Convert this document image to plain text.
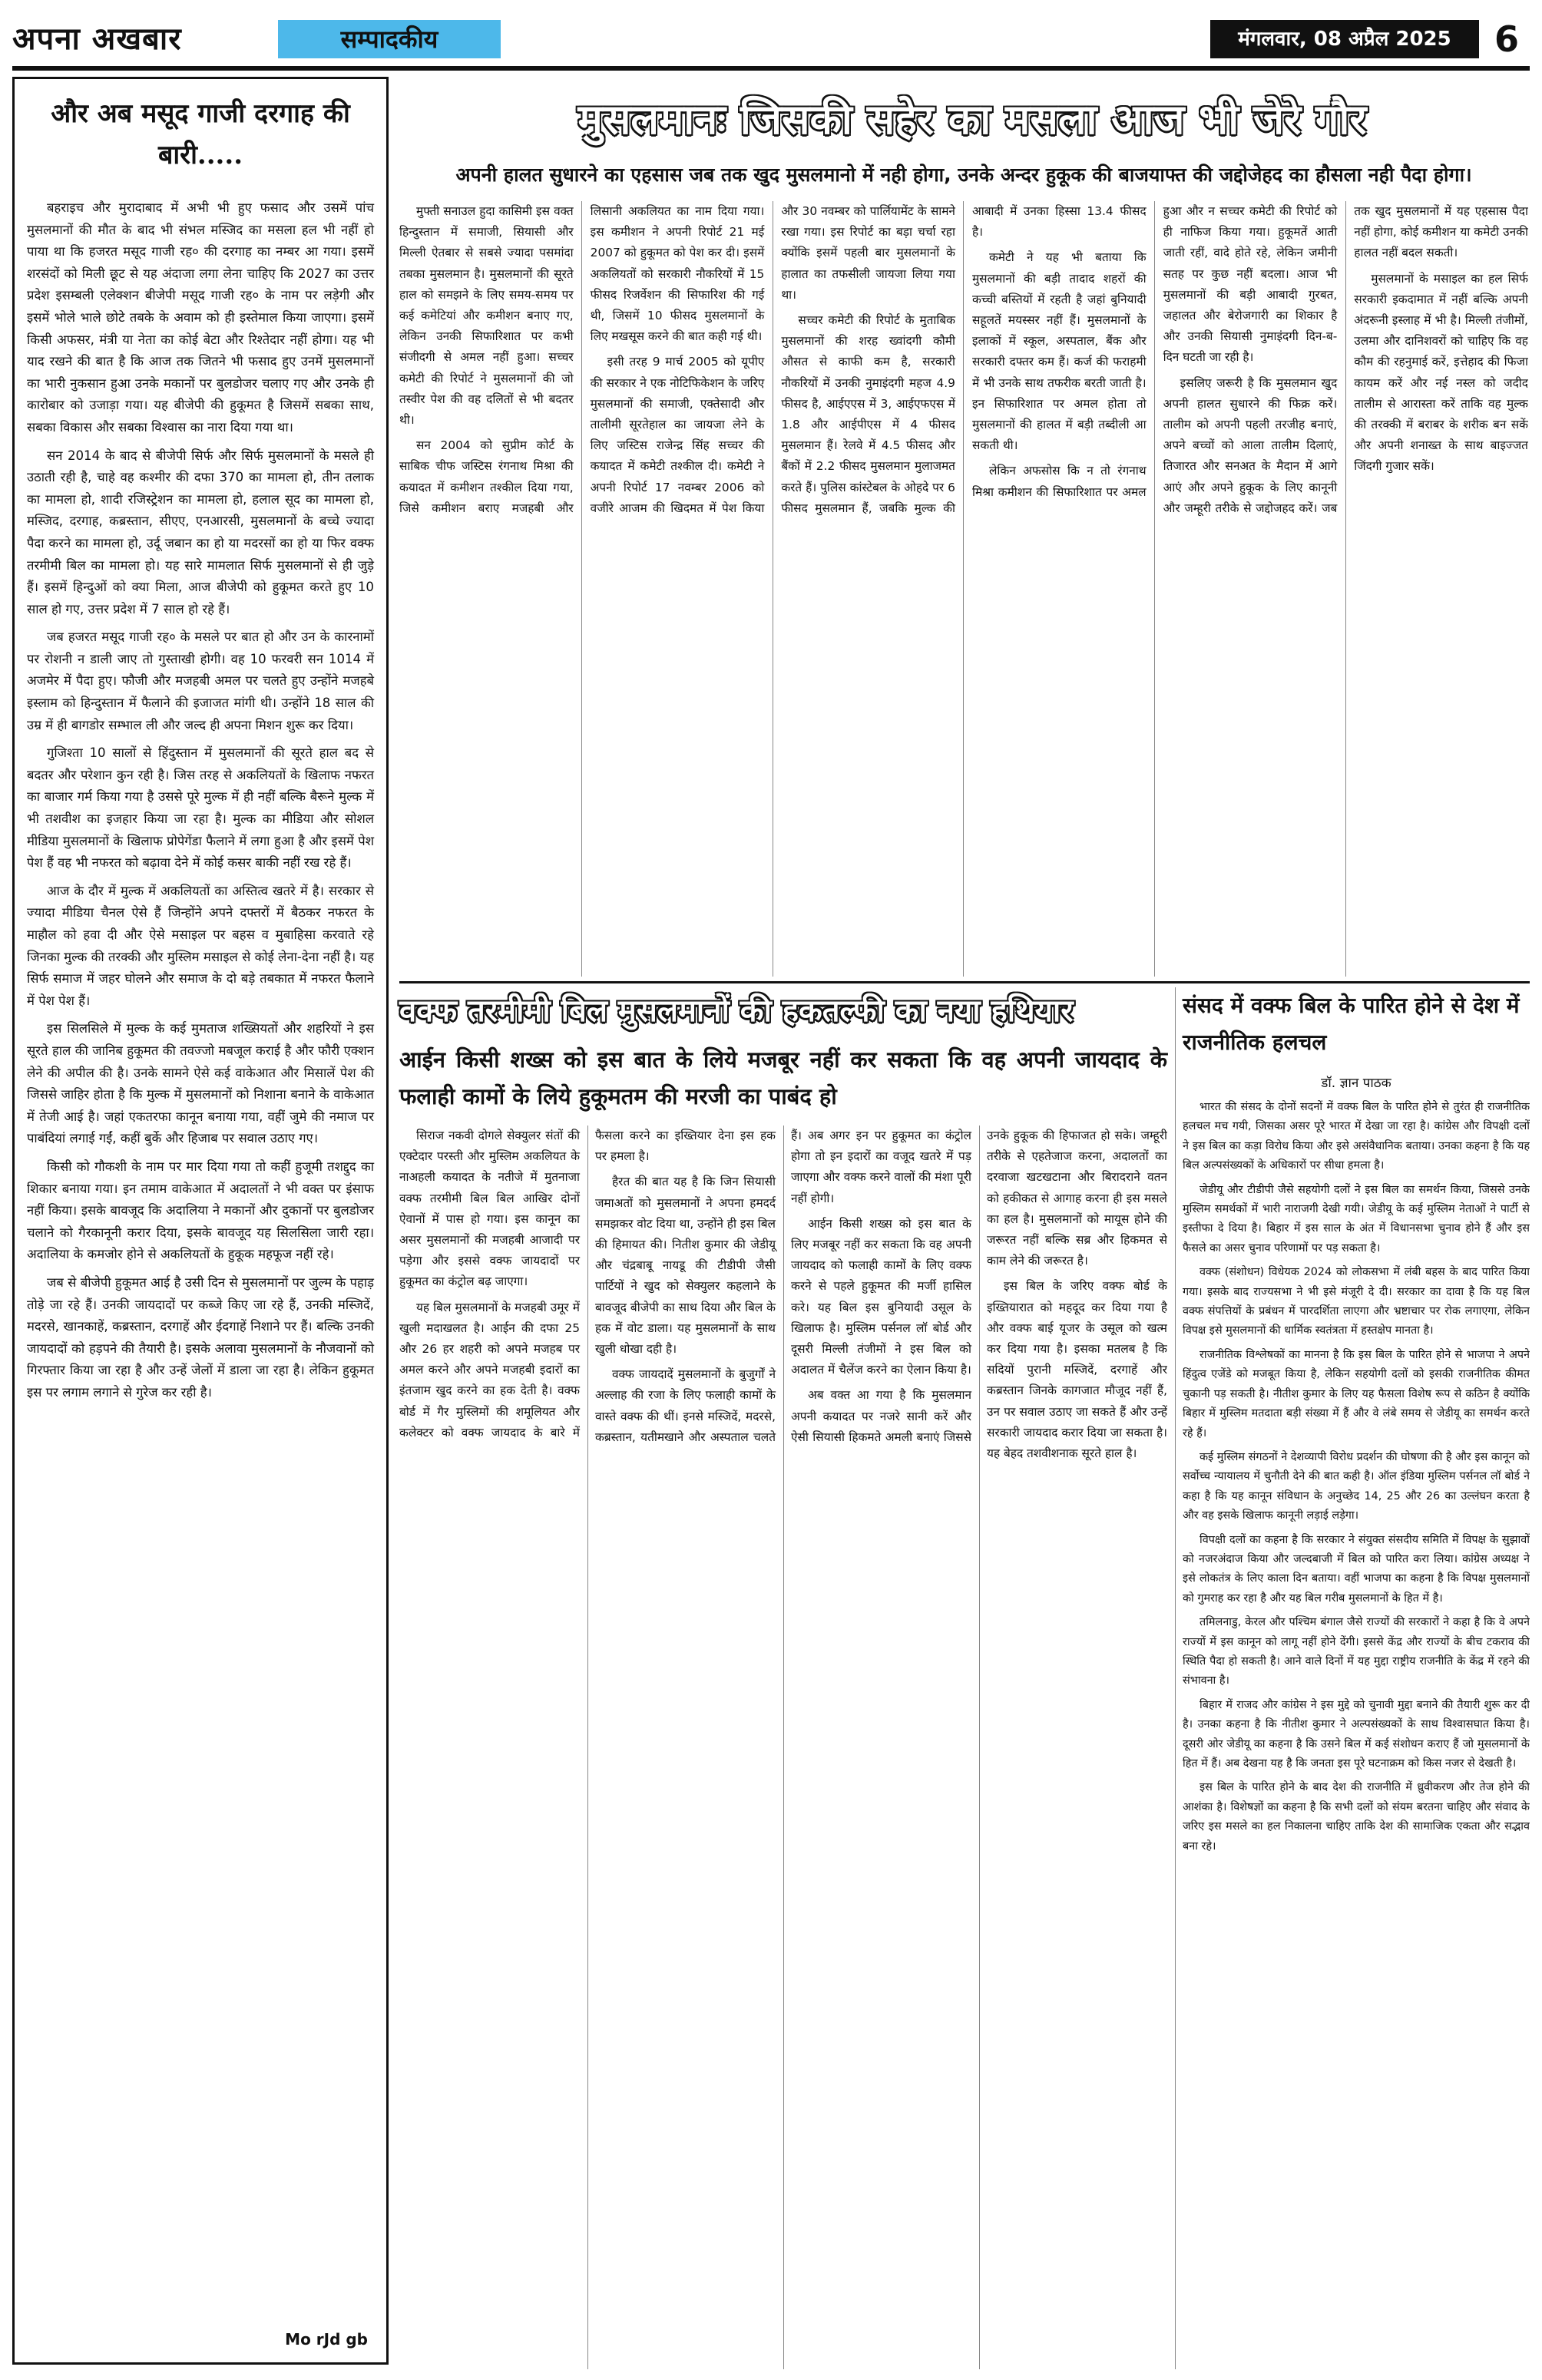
अपना अखबार	सम्पादकीय	मंगलवार, 08 अप्रैल 2025	6
और अब मसूद गाजी दरगाह की बारी.....

बहराइच और मुरादाबाद में अभी भी हुए फसाद और उसमें पांच मुसलमानों की मौत के बाद भी संभल मस्जिद का मसला हल भी नहीं हो पाया था कि हजरत मसूद गाजी रह० की दरगाह का नम्बर आ गया। इसमें शरसंदों को मिली छूट से यह अंदाजा लगा लेना चाहिए कि 2027 का उत्तर प्रदेश इसम्बली एलेक्शन बीजेपी मसूद गाजी रह० के नाम पर लड़ेगी और इसमें भोले भाले छोटे तबके के अवाम को ही इस्तेमाल किया जाएगा। इसमें किसी अफसर, मंत्री या नेता का कोई बेटा और रिश्तेदार नहीं होगा। यह भी याद रखने की बात है कि आज तक जितने भी फसाद हुए उनमें मुसलमानों का भारी नुकसान हुआ उनके मकानों पर बुलडोजर चलाए गए और उनके ही कारोबार को उजाड़ा गया। यह बीजेपी की हुकूमत है जिसमें सबका साथ, सबका विकास और सबका विश्वास का नारा दिया गया था।

सन 2014 के बाद से बीजेपी सिर्फ और सिर्फ मुसलमानों के मसले ही उठाती रही है, चाहे वह कश्मीर की दफा 370 का मामला हो, तीन तलाक का मामला हो, शादी रजिस्ट्रेशन का मामला हो, हलाल सूद का मामला हो, मस्जिद, दरगाह, कब्रस्तान, सीएए, एनआरसी, मुसलमानों के बच्चे ज्यादा पैदा करने का मामला हो, उर्दू जबान का हो या मदरसों का हो या फिर वक्फ तरमीमी बिल का मामला हो। यह सारे मामलात सिर्फ मुसलमानों से ही जुड़े हैं। इसमें हिन्दुओं को क्या मिला, आज बीजेपी को हुकूमत करते हुए 10 साल हो गए, उत्तर प्रदेश में 7 साल हो रहे हैं।

जब हजरत मसूद गाजी रह० के मसले पर बात हो और उन के कारनामों पर रोशनी न डाली जाए तो गुस्ताखी होगी। वह 10 फरवरी सन 1014 में अजमेर में पैदा हुए। फौजी और मजहबी अमल पर चलते हुए उन्होंने मजहबे इस्लाम को हिन्दुस्तान में फैलाने की इजाजत मांगी थी। उन्होंने 18 साल की उम्र में ही बागडोर सम्भाल ली और जल्द ही अपना मिशन शुरू कर दिया।

गुजिश्ता 10 सालों से हिंदुस्तान में मुसलमानों की सूरते हाल बद से बदतर और परेशान कुन रही है। जिस तरह से अकलियतों के खिलाफ नफरत का बाजार गर्म किया गया है उससे पूरे मुल्क में ही नहीं बल्कि बैरूने मुल्क में भी तशवीश का इजहार किया जा रहा है। मुल्क का मीडिया और सोशल मीडिया मुसलमानों के खिलाफ प्रोपेगेंडा फैलाने में लगा हुआ है और इसमें पेश पेश हैं वह भी नफरत को बढ़ावा देने में कोई कसर बाकी नहीं रख रहे हैं।

आज के दौर में मुल्क में अकलियतों का अस्तित्व खतरे में है। सरकार से ज्यादा मीडिया चैनल ऐसे हैं जिन्होंने अपने दफ्तरों में बैठकर नफरत के माहौल को हवा दी और ऐसे मसाइल पर बहस व मुबाहिसा करवाते रहे जिनका मुल्क की तरक्की और मुस्लिम मसाइल से कोई लेना-देना नहीं है। यह सिर्फ समाज में जहर घोलने और समाज के दो बड़े तबकात में नफरत फैलाने में पेश पेश हैं।

इस सिलसिले में मुल्क के कई मुमताज शख्सियतों और शहरियों ने इस सूरते हाल की जानिब हुकूमत की तवज्जो मबजूल कराई है और फौरी एक्शन लेने की अपील की है। उनके सामने ऐसे कई वाकेआत और मिसालें पेश की जिससे जाहिर होता है कि मुल्क में मुसलमानों को निशाना बनाने के वाकेआत में तेजी आई है। जहां एकतरफा कानून बनाया गया, वहीं जुमे की नमाज पर पाबंदियां लगाई गईं, कहीं बुर्के और हिजाब पर सवाल उठाए गए।

किसी को गौकशी के नाम पर मार दिया गया तो कहीं हुजूमी तशद्दुद का शिकार बनाया गया। इन तमाम वाकेआत में अदालतों ने भी वक्त पर इंसाफ नहीं किया। इसके बावजूद कि अदालिया ने मकानों और दुकानों पर बुलडोजर चलाने को गैरकानूनी करार दिया, इसके बावजूद यह सिलसिला जारी रहा। अदालिया के कमजोर होने से अकलियतों के हुकूक महफूज नहीं रहे।

जब से बीजेपी हुकूमत आई है उसी दिन से मुसलमानों पर जुल्म के पहाड़ तोड़े जा रहे हैं। उनकी जायदादों पर कब्जे किए जा रहे हैं, उनकी मस्जिदें, मदरसे, खानकाहें, कब्रस्तान, दरगाहें और ईदगाहें निशाने पर हैं। बल्कि उनकी जायदादों को हड़पने की तैयारी है। इसके अलावा मुसलमानों के नौजवानों को गिरफ्तार किया जा रहा है और उन्हें जेलों में डाला जा रहा है। लेकिन हुकूमत इस पर लगाम लगाने से गुरेज कर रही है।

Mo rJd gb
मुसलमानः जिसकी सहेर का मसला आज भी जेरे गौर
अपनी हालत सुधारने का एहसास जब तक खुद मुसलमानो में नही होगा, उनके अन्दर हुकूक की बाजयाफ्त की जद्दोजेहद का हौसला नही पैदा होगा।

मुफ्ती सनाउल हुदा कासिमी इस वक्त हिन्दुस्तान में समाजी, सियासी और मिल्ली ऐतबार से सबसे ज्यादा पसमांदा तबका मुसलमान है। मुसलमानों की सूरते हाल को समझने के लिए समय-समय पर कई कमेटियां और कमीशन बनाए गए, लेकिन उनकी सिफारिशात पर कभी संजीदगी से अमल नहीं हुआ। सच्चर कमेटी की रिपोर्ट ने मुसलमानों की जो तस्वीर पेश की वह दलितों से भी बदतर थी।

सन 2004 को सुप्रीम कोर्ट के साबिक चीफ जस्टिस रंगनाथ मिश्रा की कयादत में कमीशन तश्कील दिया गया, जिसे कमीशन बराए मजहबी और लिसानी अकलियत का नाम दिया गया। इस कमीशन ने अपनी रिपोर्ट 21 मई 2007 को हुकूमत को पेश कर दी। इसमें अकलियतों को सरकारी नौकरियों में 15 फीसद रिजर्वेशन की सिफारिश की गई थी, जिसमें 10 फीसद मुसलमानों के लिए मखसूस करने की बात कही गई थी।

इसी तरह 9 मार्च 2005 को यूपीए की सरकार ने एक नोटिफिकेशन के जरिए मुसलमानों की समाजी, एक्तेसादी और तालीमी सूरतेहाल का जायजा लेने के लिए जस्टिस राजेन्द्र सिंह सच्चर की कयादत में कमेटी तश्कील दी। कमेटी ने अपनी रिपोर्ट 17 नवम्बर 2006 को वजीरे आजम की खिदमत में पेश किया और 30 नवम्बर को पार्लियामेंट के सामने रखा गया। इस रिपोर्ट का बड़ा चर्चा रहा क्योंकि इसमें पहली बार मुसलमानों के हालात का तफसीली जायजा लिया गया था।

सच्चर कमेटी की रिपोर्ट के मुताबिक मुसलमानों की शरह ख्वांदगी कौमी औसत से काफी कम है, सरकारी नौकरियों में उनकी नुमाइंदगी महज 4.9 फीसद है, आईएएस में 3, आईएफएस में 1.8 और आईपीएस में 4 फीसद मुसलमान हैं। रेलवे में 4.5 फीसद और बैंकों में 2.2 फीसद मुसलमान मुलाजमत करते हैं। पुलिस कांस्टेबल के ओहदे पर 6 फीसद मुसलमान हैं, जबकि मुल्क की आबादी में उनका हिस्सा 13.4 फीसद है।

कमेटी ने यह भी बताया कि मुसलमानों की बड़ी तादाद शहरों की कच्ची बस्तियों में रहती है जहां बुनियादी सहूलतें मयस्सर नहीं हैं। मुसलमानों के इलाकों में स्कूल, अस्पताल, बैंक और सरकारी दफ्तर कम हैं। कर्ज की फराहमी में भी उनके साथ तफरीक बरती जाती है। इन सिफारिशात पर अमल होता तो मुसलमानों की हालत में बड़ी तब्दीली आ सकती थी।

लेकिन अफसोस कि न तो रंगनाथ मिश्रा कमीशन की सिफारिशात पर अमल हुआ और न सच्चर कमेटी की रिपोर्ट को ही नाफिज किया गया। हुकूमतें आती जाती रहीं, वादे होते रहे, लेकिन जमीनी सतह पर कुछ नहीं बदला। आज भी मुसलमानों की बड़ी आबादी गुरबत, जहालत और बेरोजगारी का शिकार है और उनकी सियासी नुमाइंदगी दिन-ब-दिन घटती जा रही है।

इसलिए जरूरी है कि मुसलमान खुद अपनी हालत सुधारने की फिक्र करें। तालीम को अपनी पहली तरजीह बनाएं, अपने बच्चों को आला तालीम दिलाएं, तिजारत और सनअत के मैदान में आगे आएं और अपने हुकूक के लिए कानूनी और जम्हूरी तरीके से जद्दोजहद करें। जब तक खुद मुसलमानों में यह एहसास पैदा नहीं होगा, कोई कमीशन या कमेटी उनकी हालत नहीं बदल सकती।

मुसलमानों के मसाइल का हल सिर्फ सरकारी इकदामात में नहीं बल्कि अपनी अंदरूनी इस्लाह में भी है। मिल्ली तंजीमों, उलमा और दानिशवरों को चाहिए कि वह कौम की रहनुमाई करें, इत्तेहाद की फिजा कायम करें और नई नस्ल को जदीद तालीम से आरास्ता करें ताकि वह मुल्क की तरक्की में बराबर के शरीक बन सकें और अपनी शनाख्त के साथ बाइज्जत जिंदगी गुजार सकें।

वक्फ तरमीमी बिल मुसलमानों की हकतल्फी का नया हथियार
आईन किसी शख्स को इस बात के लिये मजबूर नहीं कर सकता कि वह अपनी जायदाद के फलाही कामों के लिये हुकूमतम की मरजी का पाबंद हो

सिराज नकवी दोगले सेक्युलर संतों की एक्टेदार परस्ती और मुस्लिम अकलियत के नाअहली कयादत के नतीजे में मुतनाजा वक्फ तरमीमी बिल बिल आखिर दोनों ऐवानों में पास हो गया। इस कानून का असर मुसलमानों की मजहबी आजादी पर पड़ेगा और इससे वक्फ जायदादों पर हुकूमत का कंट्रोल बढ़ जाएगा।

यह बिल मुसलमानों के मजहबी उमूर में खुली मदाखलत है। आईन की दफा 25 और 26 हर शहरी को अपने मजहब पर अमल करने और अपने मजहबी इदारों का इंतजाम खुद करने का हक देती है। वक्फ बोर्ड में गैर मुस्लिमों की शमूलियत और कलेक्टर को वक्फ जायदाद के बारे में फैसला करने का इख्तियार देना इस हक पर हमला है।

हैरत की बात यह है कि जिन सियासी जमाअतों को मुसलमानों ने अपना हमदर्द समझकर वोट दिया था, उन्होंने ही इस बिल की हिमायत की। नितीश कुमार की जेडीयू और चंद्रबाबू नायडू की टीडीपी जैसी पार्टियों ने खुद को सेक्युलर कहलाने के बावजूद बीजेपी का साथ दिया और बिल के हक में वोट डाला। यह मुसलमानों के साथ खुली धोखा दही है।

वक्फ जायदादें मुसलमानों के बुजुर्गों ने अल्लाह की रजा के लिए फलाही कामों के वास्ते वक्फ की थीं। इनसे मस्जिदें, मदरसे, कब्रस्तान, यतीमखाने और अस्पताल चलते हैं। अब अगर इन पर हुकूमत का कंट्रोल होगा तो इन इदारों का वजूद खतरे में पड़ जाएगा और वक्फ करने वालों की मंशा पूरी नहीं होगी।

आईन किसी शख्स को इस बात के लिए मजबूर नहीं कर सकता कि वह अपनी जायदाद को फलाही कामों के लिए वक्फ करने से पहले हुकूमत की मर्जी हासिल करे। यह बिल इस बुनियादी उसूल के खिलाफ है। मुस्लिम पर्सनल लॉ बोर्ड और दूसरी मिल्ली तंजीमों ने इस बिल को अदालत में चैलेंज करने का ऐलान किया है।

अब वक्त आ गया है कि मुसलमान अपनी कयादत पर नजरे सानी करें और ऐसी सियासी हिकमते अमली बनाएं जिससे उनके हुकूक की हिफाजत हो सके। जम्हूरी तरीके से एहतेजाज करना, अदालतों का दरवाजा खटखटाना और बिरादराने वतन को हकीकत से आगाह करना ही इस मसले का हल है। मुसलमानों को मायूस होने की जरूरत नहीं बल्कि सब्र और हिकमत से काम लेने की जरूरत है।

इस बिल के जरिए वक्फ बोर्ड के इख्तियारात को महदूद कर दिया गया है और वक्फ बाई यूजर के उसूल को खत्म कर दिया गया है। इसका मतलब है कि सदियों पुरानी मस्जिदें, दरगाहें और कब्रस्तान जिनके कागजात मौजूद नहीं हैं, उन पर सवाल उठाए जा सकते हैं और उन्हें सरकारी जायदाद करार दिया जा सकता है। यह बेहद तशवीशनाक सूरते हाल है।

संसद में वक्फ बिल के पारित होने से देश में राजनीतिक हलचल
डॉ. ज्ञान पाठक

भारत की संसद के दोनों सदनों में वक्फ बिल के पारित होने से तुरंत ही राजनीतिक हलचल मच गयी, जिसका असर पूरे भारत में देखा जा रहा है। कांग्रेस और विपक्षी दलों ने इस बिल का कड़ा विरोध किया और इसे असंवैधानिक बताया। उनका कहना है कि यह बिल अल्पसंख्यकों के अधिकारों पर सीधा हमला है।

जेडीयू और टीडीपी जैसे सहयोगी दलों ने इस बिल का समर्थन किया, जिससे उनके मुस्लिम समर्थकों में भारी नाराजगी देखी गयी। जेडीयू के कई मुस्लिम नेताओं ने पार्टी से इस्तीफा दे दिया है। बिहार में इस साल के अंत में विधानसभा चुनाव होने हैं और इस फैसले का असर चुनाव परिणामों पर पड़ सकता है।

वक्फ (संशोधन) विधेयक 2024 को लोकसभा में लंबी बहस के बाद पारित किया गया। इसके बाद राज्यसभा ने भी इसे मंजूरी दे दी। सरकार का दावा है कि यह बिल वक्फ संपत्तियों के प्रबंधन में पारदर्शिता लाएगा और भ्रष्टाचार पर रोक लगाएगा, लेकिन विपक्ष इसे मुसलमानों की धार्मिक स्वतंत्रता में हस्तक्षेप मानता है।

राजनीतिक विश्लेषकों का मानना है कि इस बिल के पारित होने से भाजपा ने अपने हिंदुत्व एजेंडे को मजबूत किया है, लेकिन सहयोगी दलों को इसकी राजनीतिक कीमत चुकानी पड़ सकती है। नीतीश कुमार के लिए यह फैसला विशेष रूप से कठिन है क्योंकि बिहार में मुस्लिम मतदाता बड़ी संख्या में हैं और वे लंबे समय से जेडीयू का समर्थन करते रहे हैं।

कई मुस्लिम संगठनों ने देशव्यापी विरोध प्रदर्शन की घोषणा की है और इस कानून को सर्वोच्च न्यायालय में चुनौती देने की बात कही है। ऑल इंडिया मुस्लिम पर्सनल लॉ बोर्ड ने कहा है कि यह कानून संविधान के अनुच्छेद 14, 25 और 26 का उल्लंघन करता है और वह इसके खिलाफ कानूनी लड़ाई लड़ेगा।

विपक्षी दलों का कहना है कि सरकार ने संयुक्त संसदीय समिति में विपक्ष के सुझावों को नजरअंदाज किया और जल्दबाजी में बिल को पारित करा लिया। कांग्रेस अध्यक्ष ने इसे लोकतंत्र के लिए काला दिन बताया। वहीं भाजपा का कहना है कि विपक्ष मुसलमानों को गुमराह कर रहा है और यह बिल गरीब मुसलमानों के हित में है।

तमिलनाडु, केरल और पश्चिम बंगाल जैसे राज्यों की सरकारों ने कहा है कि वे अपने राज्यों में इस कानून को लागू नहीं होने देंगी। इससे केंद्र और राज्यों के बीच टकराव की स्थिति पैदा हो सकती है। आने वाले दिनों में यह मुद्दा राष्ट्रीय राजनीति के केंद्र में रहने की संभावना है।

बिहार में राजद और कांग्रेस ने इस मुद्दे को चुनावी मुद्दा बनाने की तैयारी शुरू कर दी है। उनका कहना है कि नीतीश कुमार ने अल्पसंख्यकों के साथ विश्वासघात किया है। दूसरी ओर जेडीयू का कहना है कि उसने बिल में कई संशोधन कराए हैं जो मुसलमानों के हित में हैं। अब देखना यह है कि जनता इस पूरे घटनाक्रम को किस नजर से देखती है।

इस बिल के पारित होने के बाद देश की राजनीति में ध्रुवीकरण और तेज होने की आशंका है। विशेषज्ञों का कहना है कि सभी दलों को संयम बरतना चाहिए और संवाद के जरिए इस मसले का हल निकालना चाहिए ताकि देश की सामाजिक एकता और सद्भाव बना रहे।
